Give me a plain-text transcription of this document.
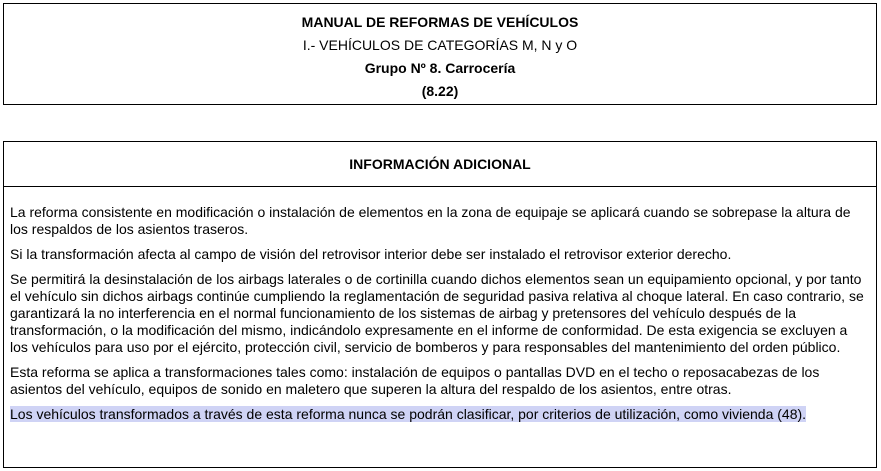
MANUAL DE REFORMAS DE VEHÍCULOS
I.- VEHÍCULOS DE CATEGORÍAS M, N y O
Grupo Nº 8. Carrocería
(8.22)
INFORMACIÓN ADICIONAL

La reforma consistente en modificación o instalación de elementos en la zona de equipaje se aplicará cuando se sobrepase la altura de los respaldos de los asientos traseros.

Si la transformación afecta al campo de visión del retrovisor interior debe ser instalado el retrovisor exterior derecho.

Se permitirá la desinstalación de los airbags laterales o de cortinilla cuando dichos elementos sean un equipamiento opcional, y por tanto el vehículo sin dichos airbags continúe cumpliendo la reglamentación de seguridad pasiva relativa al choque lateral. En caso contrario, se garantizará la no interferencia en el normal funcionamiento de los sistemas de airbag y pretensores del vehículo después de la transformación, o la modificación del mismo, indicándolo expresamente en el informe de conformidad. De esta exigencia se excluyen a los vehículos para uso por el ejército, protección civil, servicio de bomberos y para responsables del mantenimiento del orden público.

Esta reforma se aplica a transformaciones tales como: instalación de equipos o pantallas DVD en el techo o reposacabezas de los asientos del vehículo, equipos de sonido en maletero que superen la altura del respaldo de los asientos, entre otras.

Los vehículos transformados a través de esta reforma nunca se podrán clasificar, por criterios de utilización, como vivienda (48).
